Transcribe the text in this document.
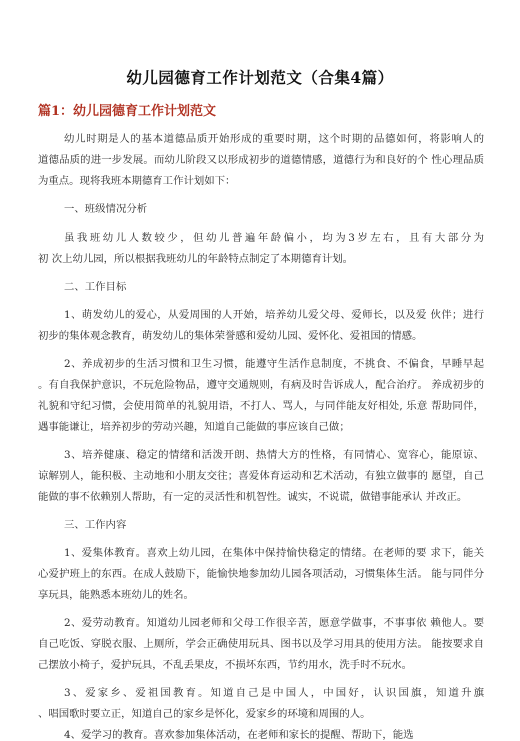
幼儿园德育工作计划范文（合集4篇）
篇1：幼儿园德育工作计划范文
幼儿时期是人的基本道德品质开始形成的重要时期，这个时期的品德如何，将影响人的
道德品质的进一步发展。而幼儿阶段又以形成初步的道德情感，道德行为和良好的个 性心理品质
为重点。现将我班本期德育工作计划如下：
一、班级情况分析
虽我班幼儿人数较少，但幼儿普遍年龄偏小，均为3岁左右，且有大部分为
初 次上幼儿园，所以根据我班幼儿的年龄特点制定了本期德育计划。
二、工作目标
1、萌发幼儿的爱心，从爱周围的人开始，培养幼儿爱父母、爱师长，以及爱 伙伴；进行
初步的集体观念教育，萌发幼儿的集体荣誉感和爱幼儿园、爱怀化、爱祖国的情感。
2、养成初步的生活习惯和卫生习惯，能遵守生活作息制度，不挑食、不偏食，早睡早起
。有自我保护意识，不玩危险物品，遵守交通规则，有病及时告诉成人，配合治疗。 养成初步的
礼貌和守纪习惯，会使用简单的礼貌用语，不打人、骂人，与同伴能友好相处, 乐意 帮助同伴，
遇事能谦让，培养初步的劳动兴趣，知道自己能做的事应该自己做；
3、培养健康、稳定的情绪和活泼开朗、热情大方的性格，有同情心、宽容心，能原谅、
谅解别人，能积极、主动地和小朋友交往；喜爱体育运动和艺术活动，有独立做事的 愿望，自己
能做的事不依赖别人帮助，有一定的灵活性和机智性。诚实，不说谎，做错事能承认 并改正。
三、工作内容
1、爱集体教育。喜欢上幼儿园，在集体中保持愉快稳定的情绪。在老师的要 求下，能关
心爱护班上的东西。在成人鼓励下，能愉快地参加幼儿园各项活动，习惯集体生活。 能与同伴分
享玩具，能熟悉本班幼儿的姓名。
2、爱劳动教育。知道幼儿园老师和父母工作很辛苦，愿意学做事，不事事依 赖他人。要
自己吃饭、穿脱衣服、上厕所，学会正确使用玩具、图书以及学习用具的使用方法。 能按要求自
己摆放小椅子，爱护玩具，不乱丢果皮，不损坏东西，节约用水，洗手时不玩水。
3、爱家乡、爱祖国教育。知道自己是中国人，中国好，认识国旗，知道升旗
、唱国歌时要立正，知道自己的家乡是怀化，爱家乡的环境和周围的人。
4、爱学习的教育。喜欢参加集体活动，在老师和家长的提醒、帮助下，能选
